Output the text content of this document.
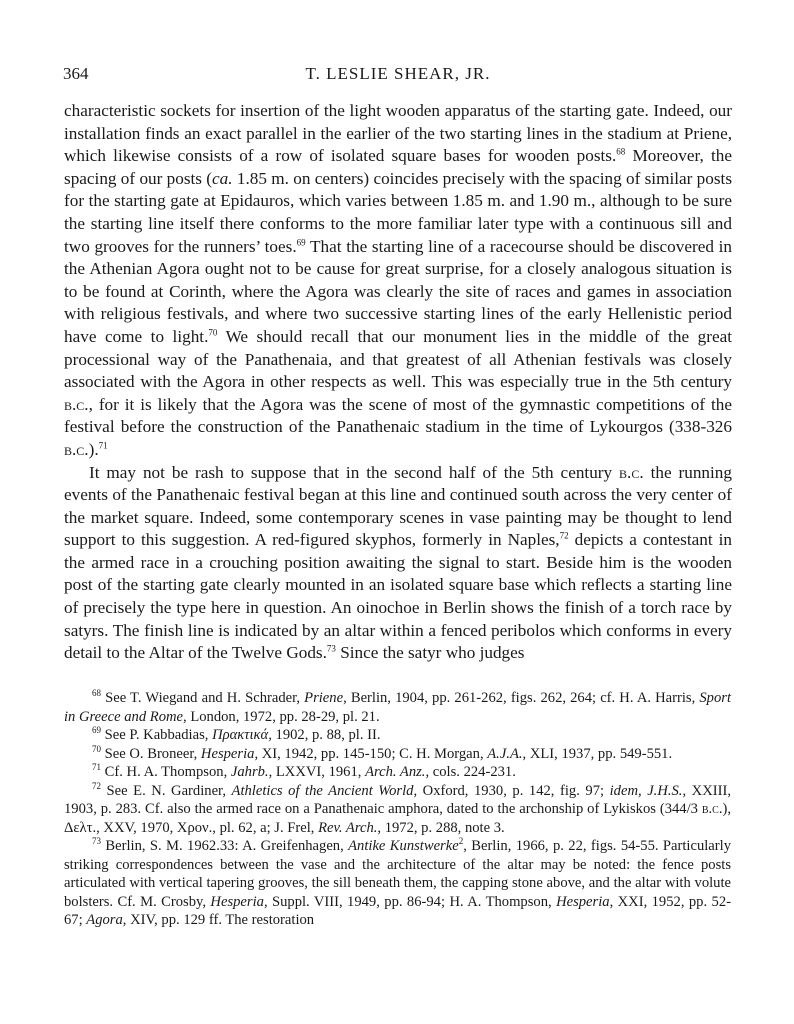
364	T. LESLIE SHEAR, JR.

characteristic sockets for insertion of the light wooden apparatus of the starting gate. Indeed, our installation finds an exact parallel in the earlier of the two starting lines in the stadium at Priene, which likewise consists of a row of isolated square bases for wooden posts.$^{68}$ Moreover, the spacing of our posts (ca. 1.85 m. on centers) coincides precisely with the spacing of similar posts for the starting gate at Epidauros, which varies between 1.85 m. and 1.90 m., although to be sure the starting line itself there conforms to the more familiar later type with a continuous sill and two grooves for the runners’ toes.$^{69}$ That the starting line of a racecourse should be discovered in the Athenian Agora ought not to be cause for great surprise, for a closely analogous situation is to be found at Corinth, where the Agora was clearly the site of races and games in association with religious festivals, and where two successive starting lines of the early Hellenistic period have come to light.$^{70}$ We should recall that our monument lies in the middle of the great processional way of the Panathenaia, and that greatest of all Athenian festivals was closely associated with the Agora in other respects as well. This was especially true in the 5th century b.c., for it is likely that the Agora was the scene of most of the gymnastic competitions of the festival before the construction of the Panathenaic stadium in the time of Lykourgos (338-326 b.c.).$^{71}$

It may not be rash to suppose that in the second half of the 5th century b.c. the running events of the Panathenaic festival began at this line and continued south across the very center of the market square. Indeed, some contemporary scenes in vase painting may be thought to lend support to this suggestion. A red-figured skyphos, formerly in Naples,$^{72}$ depicts a contestant in the armed race in a crouching position awaiting the signal to start. Beside him is the wooden post of the starting gate clearly mounted in an isolated square base which reflects a starting line of precisely the type here in question. An oinochoe in Berlin shows the finish of a torch race by satyrs. The finish line is indicated by an altar within a fenced peribolos which conforms in every detail to the Altar of the Twelve Gods.$^{73}$ Since the satyr who judges

$^{68}$ See T. Wiegand and H. Schrader, Priene, Berlin, 1904, pp. 261-262, figs. 262, 264; cf. H. A. Harris, Sport in Greece and Rome, London, 1972, pp. 28-29, pl. 21.

$^{69}$ See P. Kabbadias, Πρακτικά, 1902, p. 88, pl. II.

$^{70}$ See O. Broneer, Hesperia, XI, 1942, pp. 145-150; C. H. Morgan, A.J.A., XLI, 1937, pp. 549-551.

$^{71}$ Cf. H. A. Thompson, Jahrb., LXXVI, 1961, Arch. Anz., cols. 224-231.

$^{72}$ See E. N. Gardiner, Athletics of the Ancient World, Oxford, 1930, p. 142, fig. 97; idem, J.H.S., XXIII, 1903, p. 283. Cf. also the armed race on a Panathenaic amphora, dated to the archonship of Lykiskos (344/3 b.c.), Δελτ., XXV, 1970, Χρον., pl. 62, a; J. Frel, Rev. Arch., 1972, p. 288, note 3.

$^{73}$ Berlin, S. M. 1962.33: A. Greifenhagen, Antike Kunstwerke$^2$, Berlin, 1966, p. 22, figs. 54-55. Particularly striking correspondences between the vase and the architecture of the altar may be noted: the fence posts articulated with vertical tapering grooves, the sill beneath them, the capping stone above, and the altar with volute bolsters. Cf. M. Crosby, Hesperia, Suppl. VIII, 1949, pp. 86-94; H. A. Thompson, Hesperia, XXI, 1952, pp. 52-67; Agora, XIV, pp. 129 ff. The restoration
